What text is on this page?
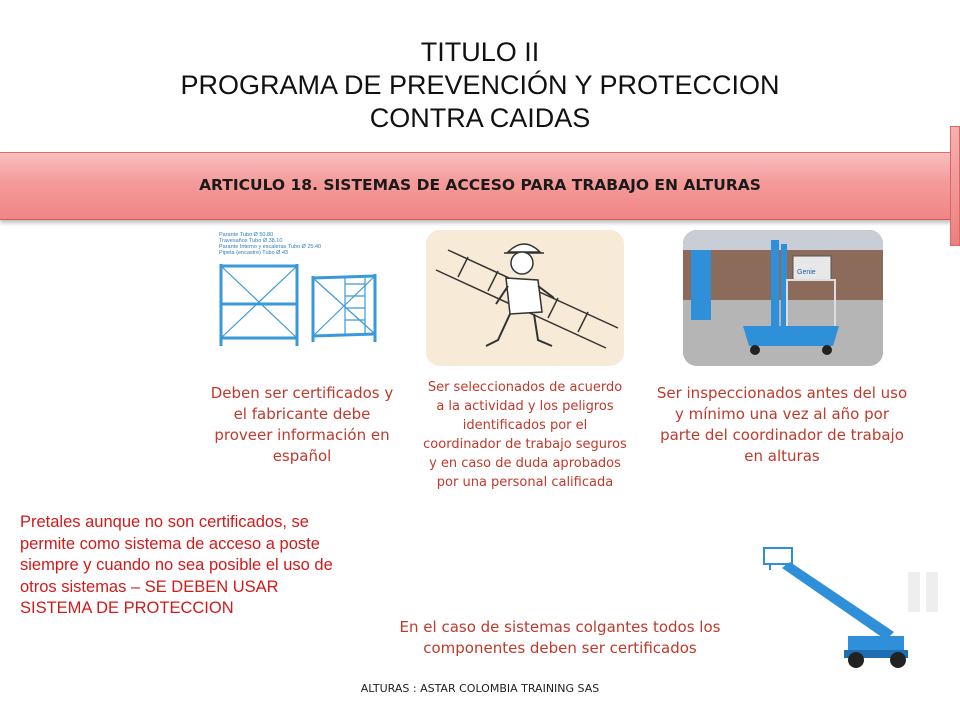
TITULO II
PROGRAMA DE PREVENCIÓN Y PROTECCION
CONTRA CAIDAS
ARTICULO 18. SISTEMAS DE ACCESO PARA TRABAJO EN ALTURAS
Parante Tubo Ø 50.80
Travesaños Tubo Ø 38.10
Parante Interno y escaleras Tubo Ø 25.40
Pipeta (encastre) Tubo Ø 43
Genie
Deben ser certificados y el fabricante debe proveer información en español
Ser seleccionados de acuerdo a la actividad y los peligros identificados por el coordinador de trabajo seguros y en caso de duda aprobados por una personal calificada
Ser inspeccionados antes del uso y mínimo una vez al año por parte del coordinador de trabajo en alturas
Pretales aunque no son certificados, se permite como sistema de acceso a poste siempre y cuando no sea posible el uso de otros sistemas – SE DEBEN USAR SISTEMA DE PROTECCION
En el caso de sistemas colgantes todos los componentes deben ser certificados
ALTURAS : ASTAR COLOMBIA TRAINING SAS
